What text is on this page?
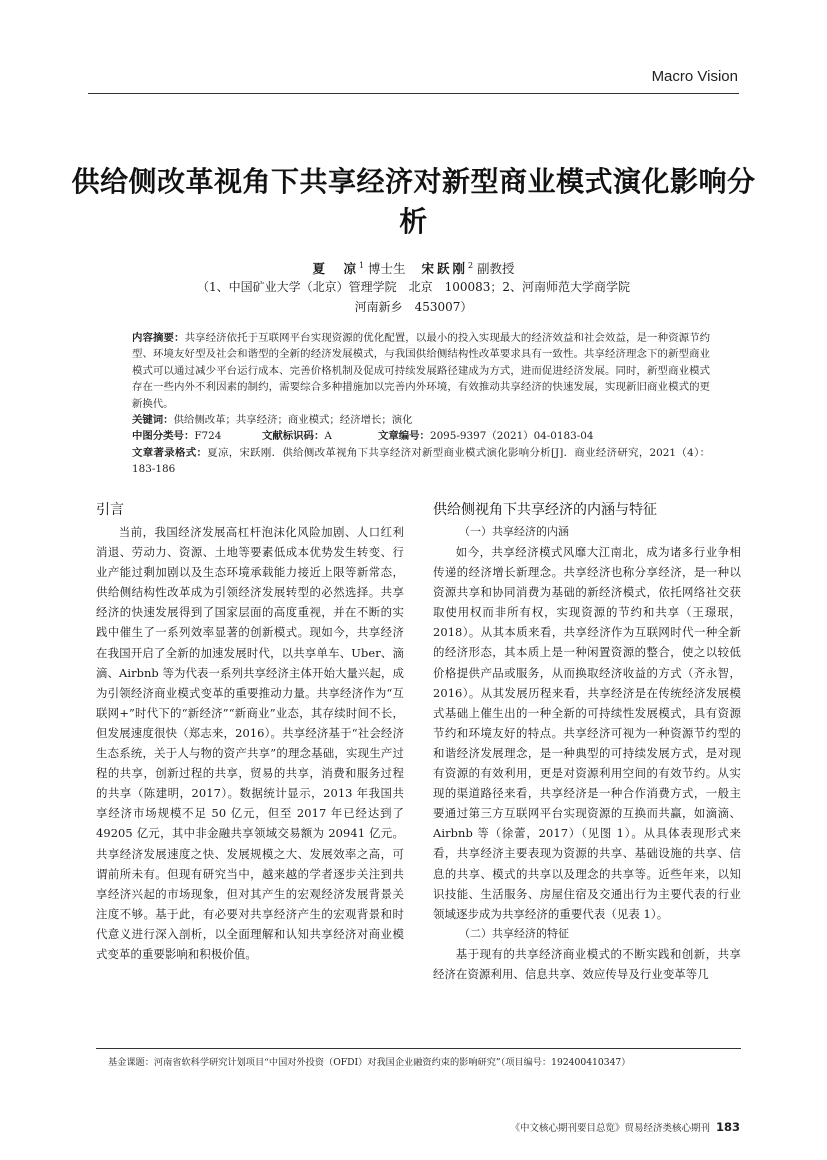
Macro Vision
供给侧改革视角下共享经济对新型商业模式演化影响分析
夏　凉$^1$ 博士生 宋跃刚$^2$ 副教授
（1、中国矿业大学（北京）管理学院　北京　100083；2、河南师范大学商学院
河南新乡　453007）

内容摘要：共享经济依托于互联网平台实现资源的优化配置，以最小的投入实现最大的经济效益和社会效益，是一种资源节约型、环境友好型及社会和谐型的全新的经济发展模式，与我国供给侧结构性改革要求具有一致性。共享经济理念下的新型商业模式可以通过减少平台运行成本、完善价格机制及促成可持续发展路径建成为方式，进而促进经济发展。同时，新型商业模式存在一些内外不利因素的制约，需要综合多种措施加以完善内外环境，有效推动共享经济的快速发展，实现新旧商业模式的更新换代。

关键词：供给侧改革；共享经济；商业模式；经济增长；演化

中图分类号：F724	文献标识码：A	文章编号：2095-9397（2021）04-0183-04

文章著录格式：夏凉，宋跃刚．供给侧改革视角下共享经济对新型商业模式演化影响分析[J]．商业经济研究，2021（4）：183-186

引言

当前，我国经济发展高杠杆泡沫化风险加剧、人口红利消退、劳动力、资源、土地等要素低成本优势发生转变、行业产能过剩加剧以及生态环境承载能力接近上限等新常态，供给侧结构性改革成为引领经济发展转型的必然选择。共享经济的快速发展得到了国家层面的高度重视，并在不断的实践中催生了一系列效率显著的创新模式。现如今，共享经济在我国开启了全新的加速发展时代，以共享单车、Uber、滴滴、Airbnb 等为代表一系列共享经济主体开始大量兴起，成为引领经济商业模式变革的重要推动力量。共享经济作为“互联网+”时代下的“新经济”“新商业”业态，其存续时间不长，但发展速度很快（郑志来，2016）。共享经济基于“社会经济生态系统，关于人与物的资产共享”的理念基础，实现生产过程的共享，创新过程的共享，贸易的共享，消费和服务过程的共享（陈建明，2017）。数据统计显示，2013 年我国共享经济市场规模不足 50 亿元，但至 2017 年已经达到了 49205 亿元，其中非金融共享领域交易额为 20941 亿元。共享经济发展速度之快、发展规模之大、发展效率之高，可谓前所未有。但现有研究当中，越来越的学者逐步关注到共享经济兴起的市场现象，但对其产生的宏观经济发展背景关注度不够。基于此，有必要对共享经济产生的宏观背景和时代意义进行深入剖析，以全面理解和认知共享经济对商业模式变革的重要影响和积极价值。

供给侧视角下共享经济的内涵与特征

（一）共享经济的内涵

如今，共享经济模式风靡大江南北，成为诸多行业争相传递的经济增长新理念。共享经济也称分享经济，是一种以资源共享和协同消费为基础的新经济模式，依托网络社交获取使用权而非所有权，实现资源的节约和共享（王璟珉，2018）。从其本质来看，共享经济作为互联网时代一种全新的经济形态，其本质上是一种闲置资源的整合，使之以较低价格提供产品或服务，从而换取经济收益的方式（齐永智，2016）。从其发展历程来看，共享经济是在传统经济发展模式基础上催生出的一种全新的可持续性发展模式，具有资源节约和环境友好的特点。共享经济可视为一种资源节约型的和谐经济发展理念，是一种典型的可持续发展方式，是对现有资源的有效利用，更是对资源利用空间的有效节约。从实现的渠道路径来看，共享经济是一种合作消费方式，一般主要通过第三方互联网平台实现资源的互换而共赢，如滴滴、Airbnb 等（徐蕾，2017）（见图 1）。从具体表现形式来看，共享经济主要表现为资源的共享、基础设施的共享、信息的共享、模式的共享以及理念的共享等。近些年来，以知识技能、生活服务、房屋住宿及交通出行为主要代表的行业领域逐步成为共享经济的重要代表（见表 1）。

（二）共享经济的特征

基于现有的共享经济商业模式的不断实践和创新，共享经济在资源利用、信息共享、效应传导及行业变革等几

基金课题：河南省软科学研究计划项目“中国对外投资（OFDI）对我国企业融资约束的影响研究”（项目编号：192400410347）
《中文核心期刊要目总览》贸易经济类核心期刊 183
